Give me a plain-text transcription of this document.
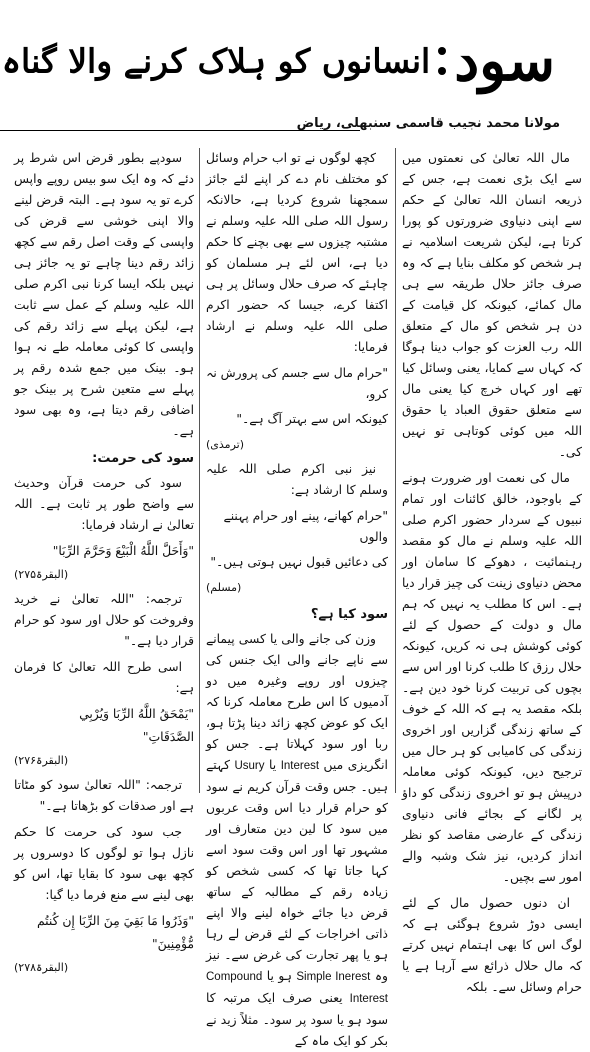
سودانسانوں کو ہلاک کرنے والا گناہ
مولانا محمد نجیب قاسمی سنبھلی، ریاض

مال اللہ تعالیٰ کی نعمتوں میں سے ایک بڑی نعمت ہے، جس کے ذریعہ انسان اللہ تعالیٰ کے حکم سے اپنی دنیاوی ضرورتوں کو پورا کرتا ہے، لیکن شریعت اسلامیہ نے ہر شخص کو مکلف بنایا ہے کہ وہ صرف جائز حلال طریقہ سے ہی مال کمائے، کیونکہ کل قیامت کے دن ہر شخص کو مال کے متعلق اللہ رب العزت کو جواب دینا ہوگا کہ کہاں سے کمایا، یعنی وسائل کیا تھے اور کہاں خرچ کیا یعنی مال سے متعلق حقوق العباد یا حقوق اللہ میں کوئی کوتاہی تو نہیں کی۔

مال کی نعمت اور ضرورت ہونے کے باوجود، خالق کائنات اور تمام نبیوں کے سردار حضور اکرم صلی اللہ علیہ وسلم نے مال کو مقصد رہنمائیت ، دھوکے کا سامان اور محض دنیاوی زینت کی چیز قرار دیا ہے۔ اس کا مطلب یہ نہیں کہ ہم مال و دولت کے حصول کے لئے کوئی کوشش ہی نہ کریں، کیونکہ حلال رزق کا طلب کرنا اور اس سے بچوں کی تربیت کرنا خود دین ہے۔ بلکہ مقصد یہ ہے کہ اللہ کے خوف کے ساتھ زندگی گزاریں اور اخروی زندگی کی کامیابی کو ہر حال میں ترجیح دیں، کیونکہ کوئی معاملہ درپیش ہو تو اخروی زندگی کو داؤ پر لگانے کے بجائے فانی دنیاوی زندگی کے عارضی مقاصد کو نظر انداز کردیں، نیز شک وشبہ والے امور سے بچیں۔

ان دنوں حصول مال کے لئے ایسی دوڑ شروع ہوگئی ہے کہ لوگ اس کا بھی اہتمام نہیں کرتے کہ مال حلال ذرائع سے آرہا ہے یا حرام وسائل سے۔ بلکہ

کچھ لوگوں نے تو اب حرام وسائل کو مختلف نام دے کر اپنے لئے جائز سمجھنا شروع کردیا ہے، حالانکہ رسول اللہ صلی اللہ علیہ وسلم نے مشتبہ چیزوں سے بھی بچنے کا حکم دیا ہے، اس لئے ہر مسلمان کو چاہئے کہ صرف حلال وسائل پر ہی اکتفا کرے، جیسا کہ حضور اکرم صلی اللہ علیہ وسلم نے ارشاد فرمایا:

"حرام مال سے جسم کی پرورش نہ کرو،
کیونکہ اس سے بہتر آگ ہے۔"
(ترمذی)

نیز نبی اکرم صلی اللہ علیہ وسلم کا ارشاد ہے:

"حرام کھانے، پینے اور حرام پہننے والوں
کی دعائیں قبول نہیں ہوتی ہیں۔"
(مسلم)
سود کیا ہے؟

وزن کی جانے والی یا کسی پیمانے سے ناپے جانے والی ایک جنس کی چیزوں اور روپے وغیرہ میں دو آدمیوں کا اس طرح معاملہ کرنا کہ ایک کو عوض کچھ زائد دینا پڑتا ہو، ربا اور سود کہلاتا ہے۔ جس کو انگریزی میں Interest یا Usury کہتے ہیں۔ جس وقت قرآن کریم نے سود کو حرام قرار دیا اس وقت عربوں میں سود کا لین دین متعارف اور مشہور تھا اور اس وقت سود اسے کہا جاتا تھا کہ کسی شخص کو زیادہ رقم کے مطالبہ کے ساتھ قرض دیا جائے خواہ لینے والا اپنے ذاتی اخراجات کے لئے قرض لے رہا ہو یا پھر تجارت کی غرض سے۔ نیز وہ Simple Inerest ہو یا Compound Interest یعنی صرف ایک مرتبہ کا سود ہو یا سود پر سود۔ مثلاً زید نے بکر کو ایک ماہ کے

سودپے بطور قرض اس شرط پر دئے کہ وہ ایک سو بیس روپے واپس کرے تو یہ سود ہے۔ البتہ قرض لینے والا اپنی خوشی سے قرض کی واپسی کے وقت اصل رقم سے کچھ زائد رقم دینا چاہے تو یہ جائز ہی نہیں بلکہ ایسا کرنا نبی اکرم صلی اللہ علیہ وسلم کے عمل سے ثابت ہے، لیکن پہلے سے زائد رقم کی واپسی کا کوئی معاملہ طے نہ ہوا ہو۔ بینک میں جمع شدہ رقم پر پہلے سے متعین شرح پر بینک جو اضافی رقم دیتا ہے، وہ بھی سود ہے۔

سود کی حرمت:

سود کی حرمت قرآن وحدیث سے واضح طور پر ثابت ہے۔ اللہ تعالیٰ نے ارشاد فرمایا:

"وَأَحَلَّ اللَّهُ الْبَيْعَ وَحَرَّمَ الرِّبَا"
(البقرۃ۲۷۵)

ترجمہ: "اللہ تعالیٰ نے خرید وفروخت کو حلال اور سود کو حرام قرار دیا ہے۔"

اسی طرح اللہ تعالیٰ کا فرمان ہے:

"يَمْحَقُ اللَّهُ الرِّبَا وَيُرْبِي
الصَّدَقَاتِ"
(البقرۃ۲۷۶)

ترجمہ: "اللہ تعالیٰ سود کو مٹاتا ہے اور صدقات کو بڑھاتا ہے۔"

جب سود کی حرمت کا حکم نازل ہوا تو لوگوں کا دوسروں پر کچھ بھی سود کا بقایا تھا، اس کو بھی لینے سے منع فرما دیا گیا:

"وَذَرُوا مَا بَقِيَ مِنَ الرِّبَا إِن كُنتُم
مُّؤْمِنِينَ"
(البقرۃ۲۷۸)
